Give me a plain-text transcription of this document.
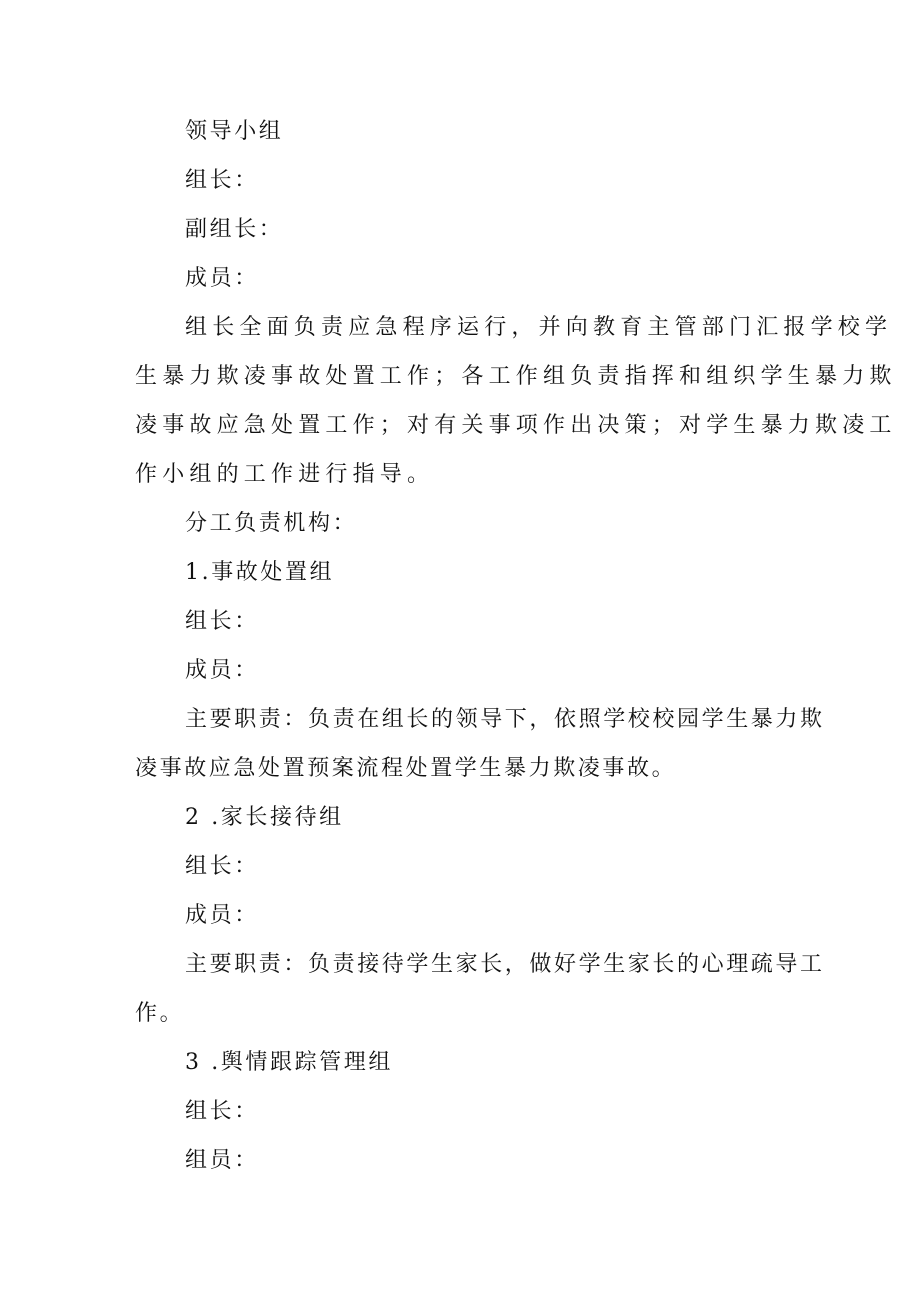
领导小组
组长：
副组长：
成员：
组长全面负责应急程序运行，并向教育主管部门汇报学校学
生暴力欺凌事故处置工作；各工作组负责指挥和组织学生暴力欺
凌事故应急处置工作；对有关事项作出决策；对学生暴力欺凌工
作小组的工作进行指导。
分工负责机构：
1.事故处置组
组长：
成员：
主要职责：负责在组长的领导下，依照学校校园学生暴力欺
凌事故应急处置预案流程处置学生暴力欺凌事故。
2 .家长接待组
组长：
成员：
主要职责：负责接待学生家长，做好学生家长的心理疏导工
作。
3 .舆情跟踪管理组
组长：
组员：
